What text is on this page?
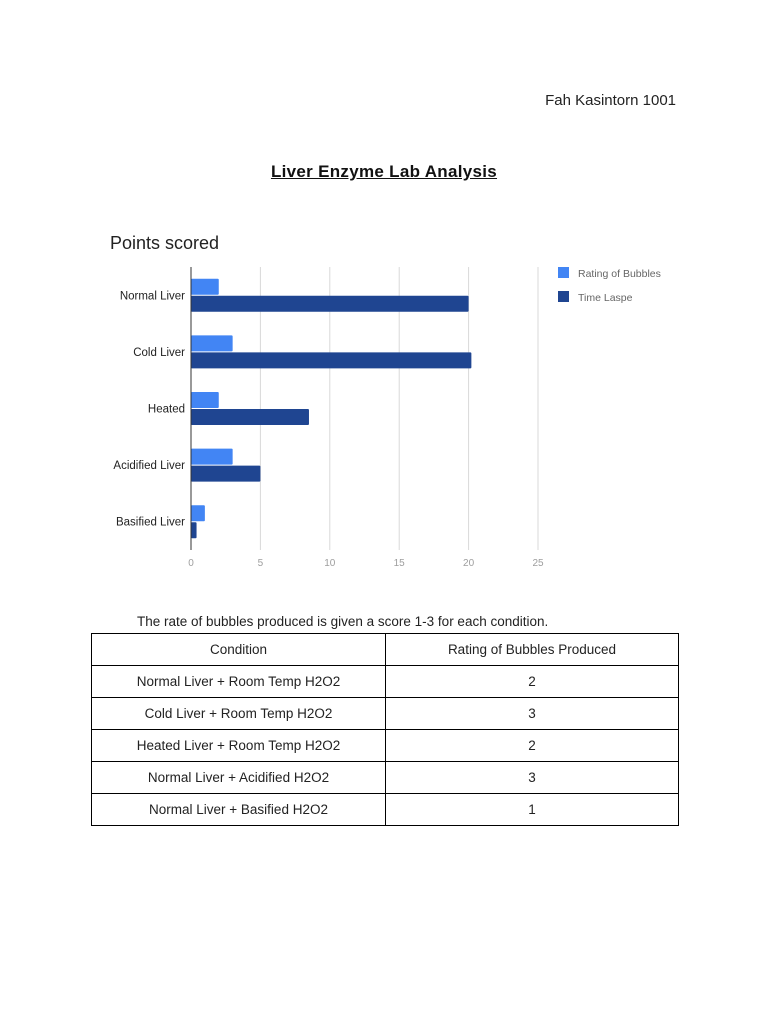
Fah Kasintorn 1001
Liver Enzyme Lab Analysis
Points scored
0	5	10	15	20	25
Normal Liver
Cold Liver
Heated
Acidified Liver
Basified Liver
Rating of Bubbles
Time Laspe
The rate of bubbles produced is given a score 1-3 for each condition.
Condition	Rating of Bubbles Produced
Normal Liver + Room Temp H2O2	2
Cold Liver + Room Temp H2O2	3
Heated Liver + Room Temp H2O2	2
Normal Liver + Acidified H2O2	3
Normal Liver + Basified H2O2	1
